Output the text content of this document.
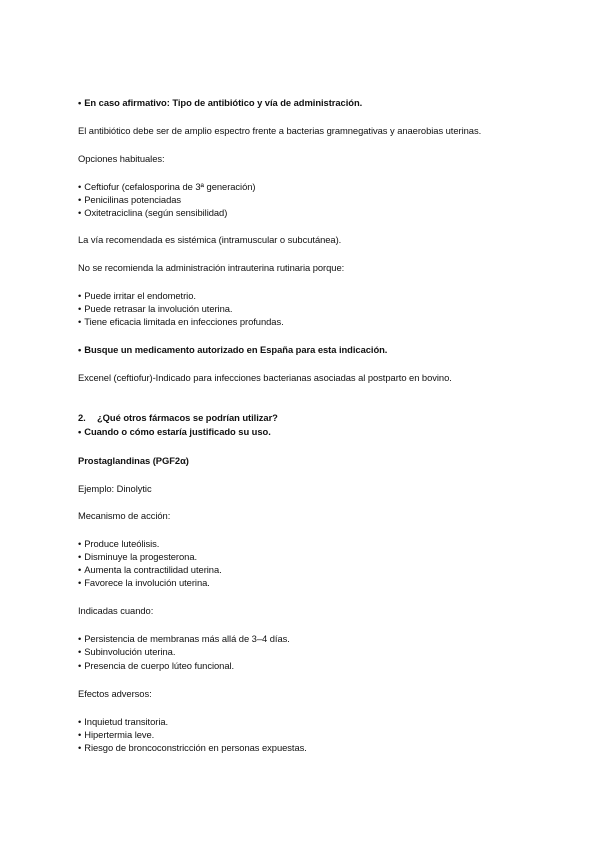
• En caso afirmativo: Tipo de antibiótico y vía de administración.
El antibiótico debe ser de amplio espectro frente a bacterias gramnegativas y anaerobias uterinas.
Opciones habituales:
• Ceftiofur (cefalosporina de 3ª generación)
• Penicilinas potenciadas
• Oxitetraciclina (según sensibilidad)
La vía recomendada es sistémica (intramuscular o subcutánea).
No se recomienda la administración intrauterina rutinaria porque:
• Puede irritar el endometrio.
• Puede retrasar la involución uterina.
• Tiene eficacia limitada en infecciones profundas.
• Busque un medicamento autorizado en España para esta indicación.
Excenel (ceftiofur)-Indicado para infecciones bacterianas asociadas al postparto en bovino.
2. ¿Qué otros fármacos se podrían utilizar?
• Cuando o cómo estaría justificado su uso.
Prostaglandinas (PGF2α)
Ejemplo: Dinolytic
Mecanismo de acción:
• Produce luteólisis.
• Disminuye la progesterona.
• Aumenta la contractilidad uterina.
• Favorece la involución uterina.
Indicadas cuando:
• Persistencia de membranas más allá de 3–4 días.
• Subinvolución uterina.
• Presencia de cuerpo lúteo funcional.
Efectos adversos:
• Inquietud transitoria.
• Hipertermia leve.
• Riesgo de broncoconstricción en personas expuestas.
